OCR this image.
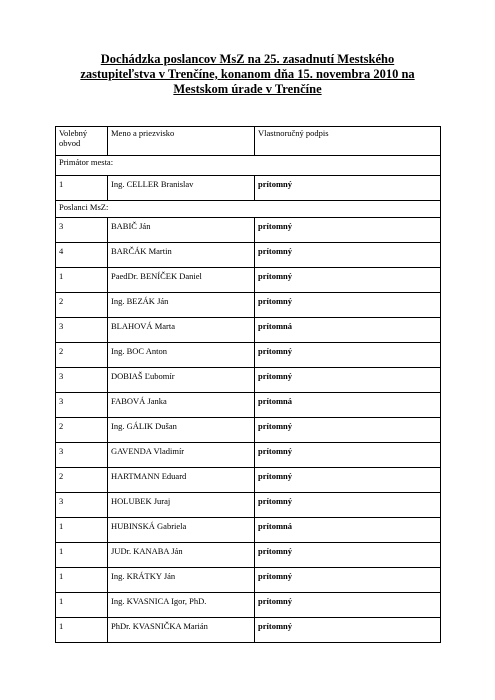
Dochádzka poslancov MsZ na 25. zasadnutí Mestského
zastupiteľstva v Trenčíne, konanom dňa 15. novembra 2010 na
Mestskom úrade v Trenčíne
Volebný obvod	Meno a priezvisko	Vlastnoručný podpis
Primátor mesta:		
1	Ing. CELLER Branislav	prítomný
Poslanci MsZ:		
3	BABIČ Ján	prítomný
4	BARČÁK Martin	prítomný
1	PaedDr. BENÍČEK Daniel	prítomný
2	Ing. BEZÁK Ján	prítomný
3	BLAHOVÁ Marta	prítomná
2	Ing. BOC Anton	prítomný
3	DOBIAŠ Ľubomír	prítomný
3	FABOVÁ Janka	prítomná
2	Ing. GÁLIK Dušan	prítomný
3	GAVENDA Vladimír	prítomný
2	HARTMANN Eduard	prítomný
3	HOLUBEK Juraj	prítomný
1	HUBINSKÁ Gabriela	prítomná
1	JUDr. KANABA Ján	prítomný
1	Ing. KRÁTKY Ján	prítomný
1	Ing. KVASNICA Igor, PhD.	prítomný
1	PhDr. KVASNIČKA Marián	prítomný
